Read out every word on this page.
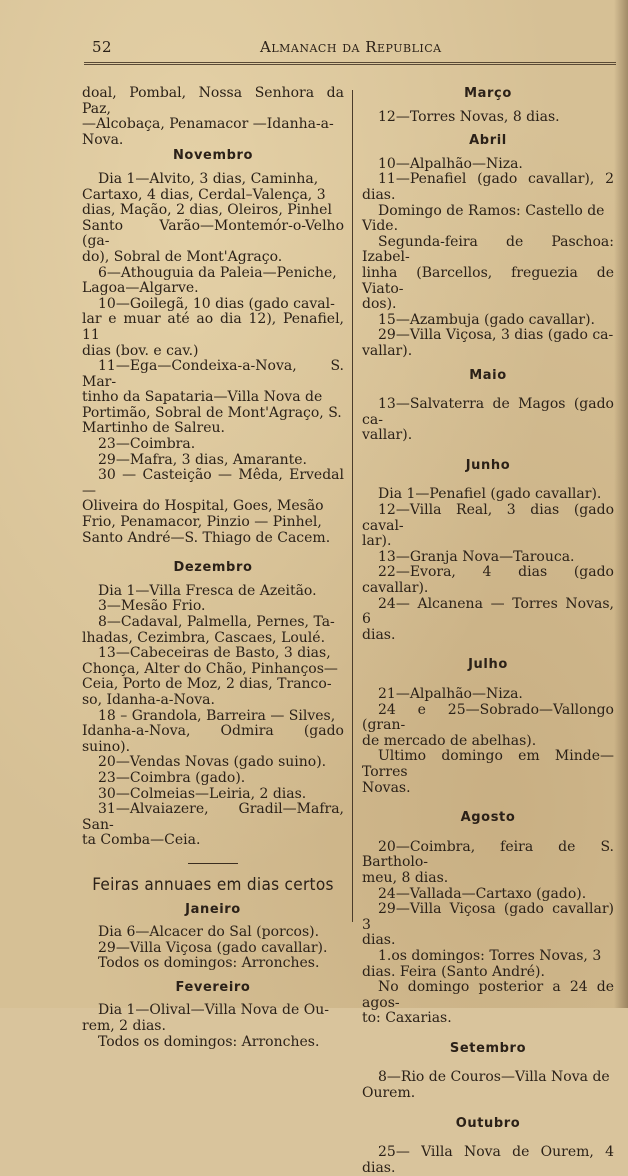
52	Almanach da Republica

doal, Pombal, Nossa Senhora da Paz,

—Alcobaça, Penamacor —Idanha-a-

Nova.

Novembro

Dia 1—Alvito, 3 dias, Caminha,

Cartaxo, 4 dias, Cerdal–Valença, 3

dias, Mação, 2 dias, Oleiros, Pinhel

Santo Varão—Montemór-o-Velho (ga-

do), Sobral de Mont'Agraço.

6—Athouguia da Paleia—Peniche,

Lagoa—Algarve.

10—Goilegã, 10 dias (gado caval-

lar e muar até ao dia 12), Penafiel, 11

dias (bov. e cav.)

11—Ega—Condeixa-a-Nova, S. Mar-

tinho da Sapataria—Villa Nova de

Portimão, Sobral de Mont'Agraço, S.

Martinho de Salreu.

23—Coimbra.

29—Mafra, 3 dias, Amarante.

30 — Casteição — Mêda, Ervedal —

Oliveira do Hospital, Goes, Mesão

Frio, Penamacor, Pinzio — Pinhel,

Santo André—S. Thiago de Cacem.

Dezembro

Dia 1—Villa Fresca de Azeitão.

3—Mesão Frio.

8—Cadaval, Palmella, Pernes, Ta-

lhadas, Cezimbra, Cascaes, Loulé.

13—Cabeceiras de Basto, 3 dias,

Chonça, Alter do Chão, Pinhanços—

Ceia, Porto de Moz, 2 dias, Tranco-

so, Idanha-a-Nova.

18 – Grandola, Barreira — Silves,

Idanha-a-Nova, Odmira (gado suino).

20—Vendas Novas (gado suino).

23—Coimbra (gado).

30—Colmeias—Leiria, 2 dias.

31—Alvaiazere, Gradil—Mafra, San-

ta Comba—Ceia.

Feiras annuaes em dias certos
Janeiro

Dia 6—Alcacer do Sal (porcos).

29—Villa Viçosa (gado cavallar).

Todos os domingos: Arronches.

Fevereiro

Dia 1—Olival—Villa Nova de Ou-

rem, 2 dias.

Todos os domingos: Arronches.

Março

12—Torres Novas, 8 dias.

Abril

10—Alpalhão—Niza.

11—Penafiel (gado cavallar), 2 dias.

Domingo de Ramos: Castello de

Vide.

Segunda-feira de Paschoa: Izabel-

linha (Barcellos, freguezia de Viato-

dos).

15—Azambuja (gado cavallar).

29—Villa Viçosa, 3 dias (gado ca-

vallar).

Maio

13—Salvaterra de Magos (gado ca-

vallar).

Junho

Dia 1—Penafiel (gado cavallar).

12—Villa Real, 3 dias (gado caval-

lar).

13—Granja Nova—Tarouca.

22—Evora, 4 dias (gado cavallar).

24— Alcanena — Torres Novas, 6

dias.

Julho

21—Alpalhão—Niza.

24 e 25—Sobrado—Vallongo (gran-

de mercado de abelhas).

Ultimo domingo em Minde—Torres

Novas.

Agosto

20—Coimbra, feira de S. Bartholo-

meu, 8 dias.

24—Vallada—Cartaxo (gado).

29—Villa Viçosa (gado cavallar) 3

dias.

1.os domingos: Torres Novas, 3

dias. Feira (Santo André).

No domingo posterior a 24 de agos-

to: Caxarias.

Setembro

8—Rio de Couros—Villa Nova de

Ourem.

Outubro

25— Villa Nova de Ourem, 4 dias.
